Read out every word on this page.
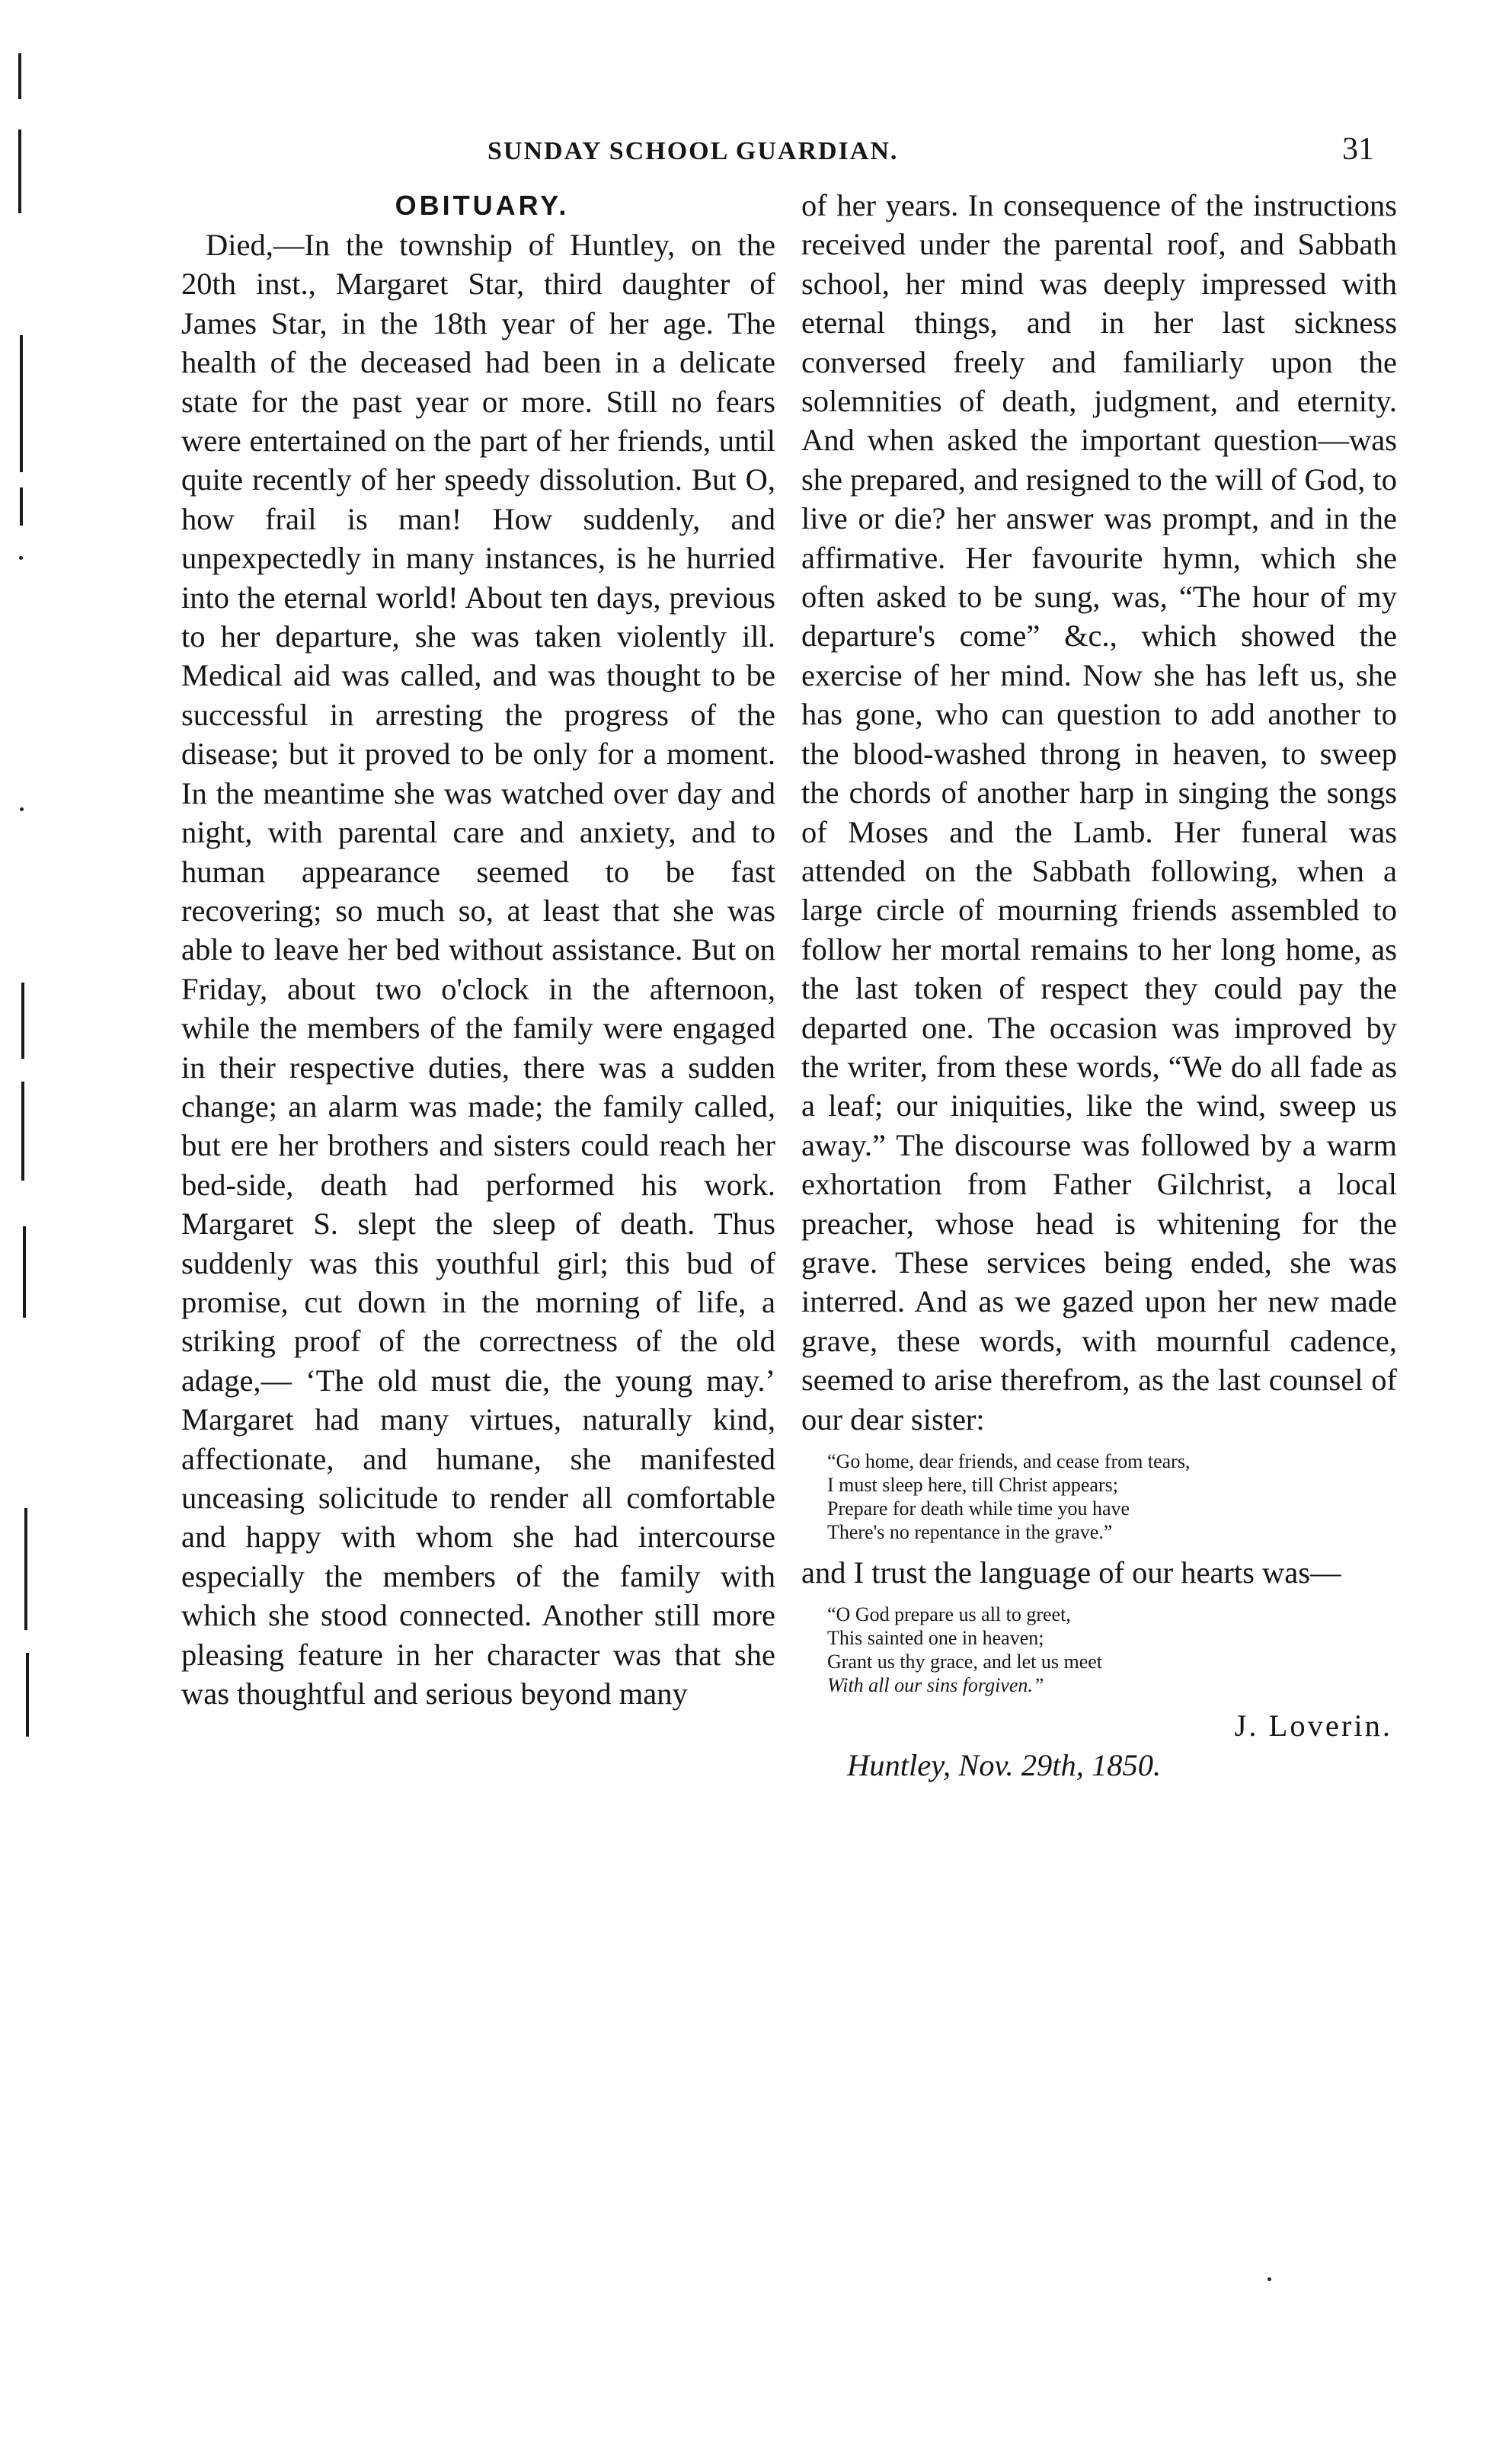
SUNDAY SCHOOL GUARDIAN.	31

OBITUARY.

Died,—In the township of Huntley, on the 20th inst., Margaret Star, third daughter of James Star, in the 18th year of her age. The health of the deceased had been in a delicate state for the past year or more. Still no fears were entertained on the part of her friends, until quite recently of her speedy dissolution. But O, how frail is man! How suddenly, and unpexpectedly in many instances, is he hurried into the eternal world! About ten days, previous to her departure, she was taken violently ill. Medical aid was called, and was thought to be successful in arresting the progress of the disease; but it proved to be only for a moment. In the meantime she was watched over day and night, with parental care and anxiety, and to human appearance seemed to be fast recovering; so much so, at least that she was able to leave her bed without assistance. But on Friday, about two o'clock in the afternoon, while the members of the family were engaged in their respective duties, there was a sudden change; an alarm was made; the family called, but ere her brothers and sisters could reach her bed-side, death had performed his work. Margaret S. slept the sleep of death. Thus suddenly was this youthful girl; this bud of promise, cut down in the morning of life, a striking proof of the correctness of the old adage,— ‘The old must die, the young may.’ Margaret had many virtues, naturally kind, affectionate, and humane, she manifested unceasing solicitude to render all comfortable and happy with whom she had intercourse especially the members of the family with which she stood connected. Another still more pleasing feature in her character was that she was thoughtful and serious beyond many

of her years. In consequence of the instructions received under the parental roof, and Sabbath school, her mind was deeply impressed with eternal things, and in her last sickness conversed freely and familiarly upon the solemnities of death, judgment, and eternity. And when asked the important question—was she prepared, and resigned to the will of God, to live or die? her answer was prompt, and in the affirmative. Her favourite hymn, which she often asked to be sung, was, “The hour of my departure's come” &c., which showed the exercise of her mind. Now she has left us, she has gone, who can question to add another to the blood-washed throng in heaven, to sweep the chords of another harp in singing the songs of Moses and the Lamb. Her funeral was attended on the Sabbath following, when a large circle of mourning friends assembled to follow her mortal remains to her long home, as the last token of respect they could pay the departed one. The occasion was improved by the writer, from these words, “We do all fade as a leaf; our iniquities, like the wind, sweep us away.” The discourse was followed by a warm exhortation from Father Gilchrist, a local preacher, whose head is whitening for the grave. These services being ended, she was interred. And as we gazed upon her new made grave, these words, with mournful cadence, seemed to arise therefrom, as the last counsel of our dear sister:

“Go home, dear friends, and cease from tears,
I must sleep here, till Christ appears;
Prepare for death while time you have
There's no repentance in the grave.”

and I trust the language of our hearts was—

“O God prepare us all to greet,
This sainted one in heaven;
Grant us thy grace, and let us meet
With all our sins forgiven.”

J. Loverin.

Huntley, Nov. 29th, 1850.
